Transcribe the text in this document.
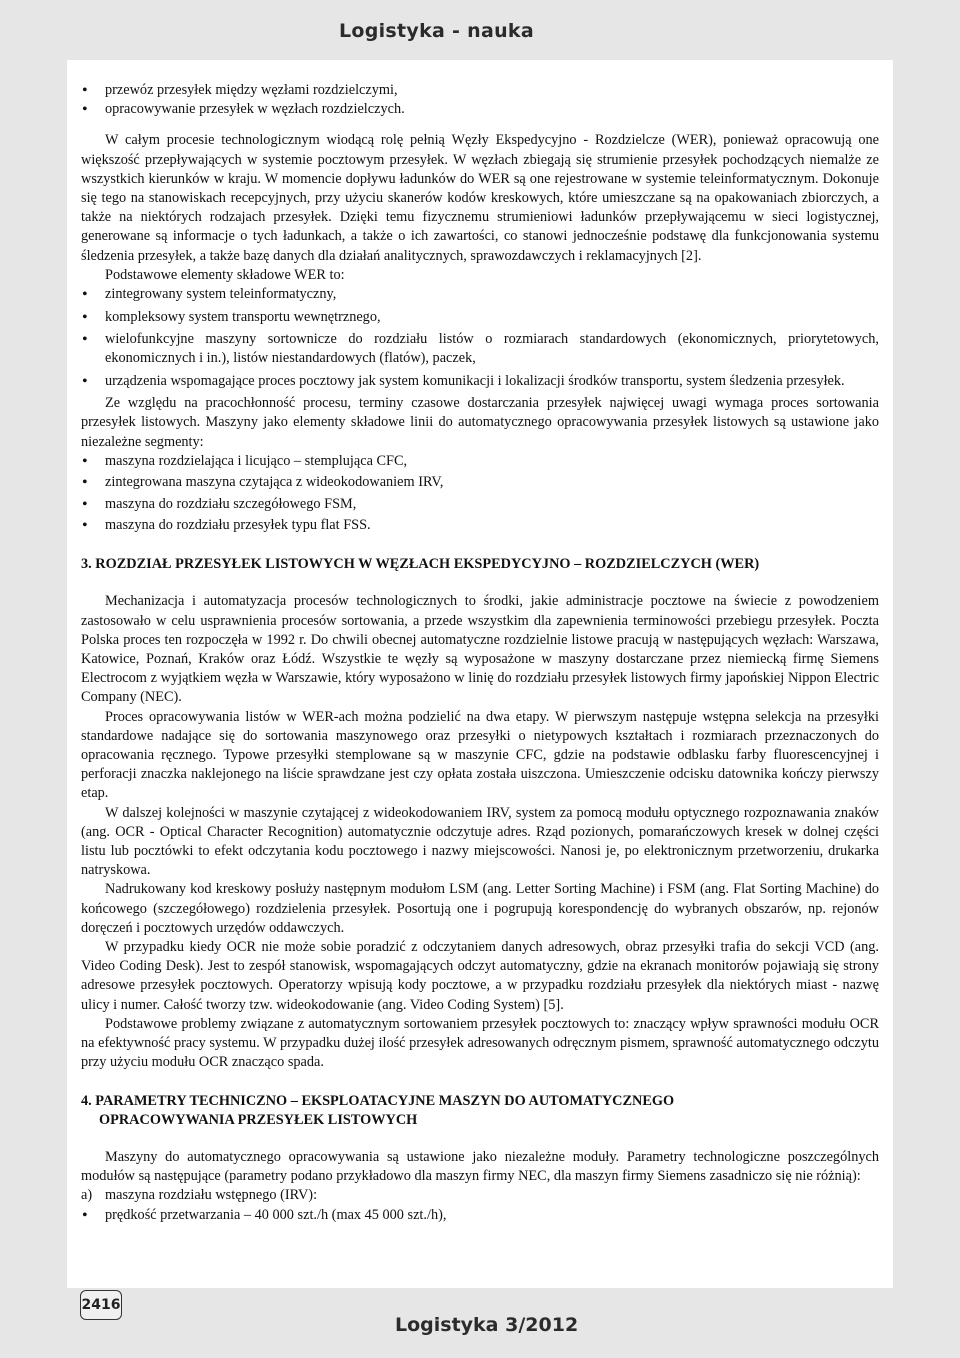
Logistyka - nauka
• przewóz przesyłek między węzłami rozdzielczymi,
• opracowywanie przesyłek w węzłach rozdzielczych.

W całym procesie technologicznym wiodącą rolę pełnią Węzły Ekspedycyjno - Rozdzielcze (WER), ponieważ opracowują one większość przepływających w systemie pocztowym przesyłek. W węzłach zbiegają się strumienie przesyłek pochodzących niemalże ze wszystkich kierunków w kraju. W momencie dopływu ładunków do WER są one rejestrowane w systemie teleinformatycznym. Dokonuje się tego na stanowiskach recepcyjnych, przy użyciu skanerów kodów kreskowych, które umieszczane są na opakowaniach zbiorczych, a także na niektórych rodzajach przesyłek. Dzięki temu fizycznemu strumieniowi ładunków przepływającemu w sieci logistycznej, generowane są informacje o tych ładunkach, a także o ich zawartości, co stanowi jednocześnie podstawę dla funkcjonowania systemu śledzenia przesyłek, a także bazę danych dla działań analitycznych, sprawozdawczych i reklamacyjnych [2].

Podstawowe elementy składowe WER to:

• zintegrowany system teleinformatyczny,
• kompleksowy system transportu wewnętrznego,
• wielofunkcyjne maszyny sortownicze do rozdziału listów o rozmiarach standardowych (ekonomicznych, priorytetowych, ekonomicznych i in.), listów niestandardowych (flatów), paczek,
• urządzenia wspomagające proces pocztowy jak system komunikacji i lokalizacji środków transportu, system śledzenia przesyłek.

Ze względu na pracochłonność procesu, terminy czasowe dostarczania przesyłek najwięcej uwagi wymaga proces sortowania przesyłek listowych. Maszyny jako elementy składowe linii do automatycznego opracowywania przesyłek listowych są ustawione jako niezależne segmenty:

• maszyna rozdzielająca i licująco – stemplująca CFC,
• zintegrowana maszyna czytająca z wideokodowaniem IRV,
• maszyna do rozdziału szczegółowego FSM,
• maszyna do rozdziału przesyłek typu flat FSS.

3. ROZDZIAŁ PRZESYŁEK LISTOWYCH W WĘZŁACH EKSPEDYCYJNO – ROZDZIELCZYCH (WER)

Mechanizacja i automatyzacja procesów technologicznych to środki, jakie administracje pocztowe na świecie z powodzeniem zastosowało w celu usprawnienia procesów sortowania, a przede wszystkim dla zapewnienia terminowości przebiegu przesyłek. Poczta Polska proces ten rozpoczęła w 1992 r. Do chwili obecnej automatyczne rozdzielnie listowe pracują w następujących węzłach: Warszawa, Katowice, Poznań, Kraków oraz Łódź. Wszystkie te węzły są wyposażone w maszyny dostarczane przez niemiecką firmę Siemens Electrocom z wyjątkiem węzła w Warszawie, który wyposażono w linię do rozdziału przesyłek listowych firmy japońskiej Nippon Electric Company (NEC).

Proces opracowywania listów w WER-ach można podzielić na dwa etapy. W pierwszym następuje wstępna selekcja na przesyłki standardowe nadające się do sortowania maszynowego oraz przesyłki o nietypowych kształtach i rozmiarach przeznaczonych do opracowania ręcznego. Typowe przesyłki stemplowane są w maszynie CFC, gdzie na podstawie odblasku farby fluorescencyjnej i perforacji znaczka naklejonego na liście sprawdzane jest czy opłata została uiszczona. Umieszczenie odcisku datownika kończy pierwszy etap.

W dalszej kolejności w maszynie czytającej z wideokodowaniem IRV, system za pomocą modułu optycznego rozpoznawania znaków (ang. OCR - Optical Character Recognition) automatycznie odczytuje adres. Rząd pozionych, pomarańczowych kresek w dolnej części listu lub pocztówki to efekt odczytania kodu pocztowego i nazwy miejscowości. Nanosi je, po elektronicznym przetworzeniu, drukarka natryskowa.

Nadrukowany kod kreskowy posłuży następnym modułom LSM (ang. Letter Sorting Machine) i FSM (ang. Flat Sorting Machine) do końcowego (szczegółowego) rozdzielenia przesyłek. Posortują one i pogrupują korespondencję do wybranych obszarów, np. rejonów doręczeń i pocztowych urzędów oddawczych.

W przypadku kiedy OCR nie może sobie poradzić z odczytaniem danych adresowych, obraz przesyłki trafia do sekcji VCD (ang. Video Coding Desk). Jest to zespół stanowisk, wspomagających odczyt automatyczny, gdzie na ekranach monitorów pojawiają się strony adresowe przesyłek pocztowych. Operatorzy wpisują kody pocztowe, a w przypadku rozdziału przesyłek dla niektórych miast - nazwę ulicy i numer. Całość tworzy tzw. wideokodowanie (ang. Video Coding System) [5].

Podstawowe problemy związane z automatycznym sortowaniem przesyłek pocztowych to: znaczący wpływ sprawności modułu OCR na efektywność pracy systemu. W przypadku dużej ilość przesyłek adresowanych odręcznym pismem, sprawność automatycznego odczytu przy użyciu modułu OCR znacząco spada.

4. PARAMETRY TECHNICZNO – EKSPLOATACYJNE MASZYN DO AUTOMATYCZNEGO
OPRACOWYWANIA PRZESYŁEK LISTOWYCH

Maszyny do automatycznego opracowywania są ustawione jako niezależne moduły. Parametry technologiczne poszczególnych modułów są następujące (parametry podano przykładowo dla maszyn firmy NEC, dla maszyn firmy Siemens zasadniczo się nie różnią):

a) maszyna rozdziału wstępnego (IRV):

• prędkość przetwarzania – 40 000 szt./h (max 45 000 szt./h),
2416
Logistyka 3/2012
